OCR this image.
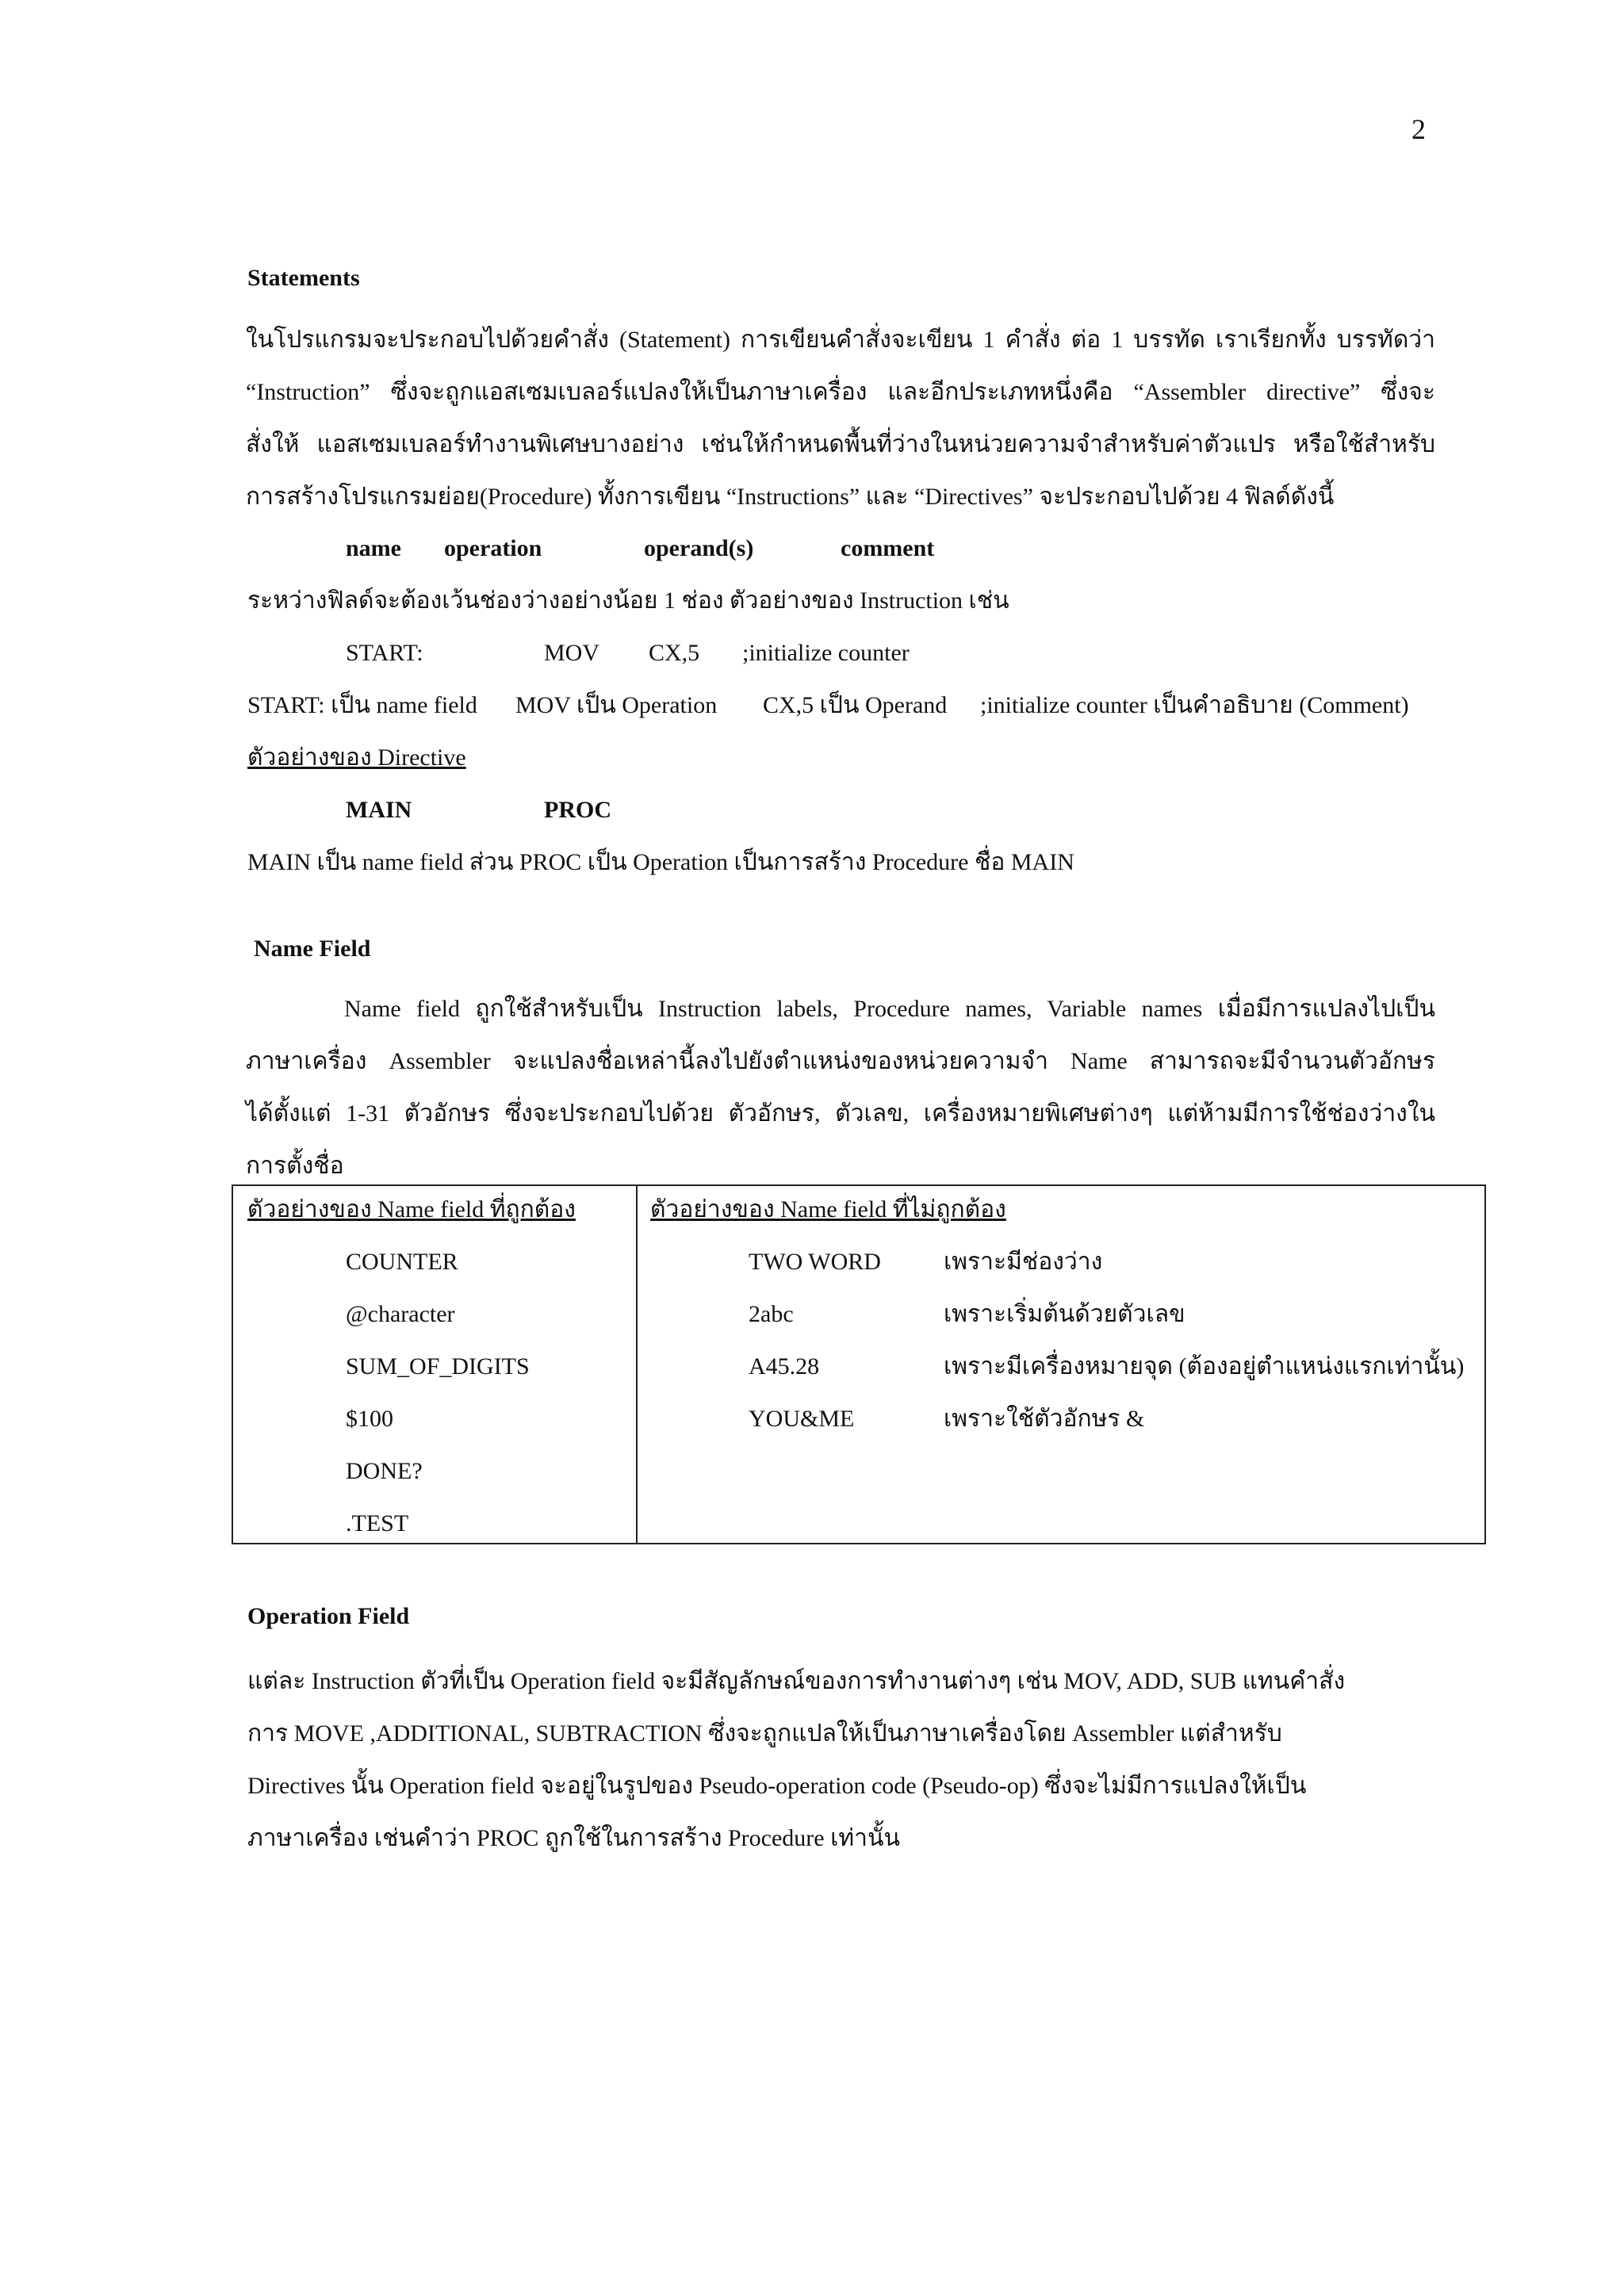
2
Statements
ในโปรแกรมจะประกอบไปด้วยคำสั่ง (Statement) การเขียนคำสั่งจะเขียน 1 คำสั่ง ต่อ 1 บรรทัด เราเรียกทั้ง บรรทัดว่า
“Instruction” ซึ่งจะถูกแอสเซมเบลอร์แปลงให้เป็นภาษาเครื่อง และอีกประเภทหนึ่งคือ “Assembler directive” ซึ่งจะ
สั่งให้ แอสเซมเบลอร์ทำงานพิเศษบางอย่าง เช่นให้กำหนดพื้นที่ว่างในหน่วยความจำสำหรับค่าตัวแปร หรือใช้สำหรับ
การสร้างโปรแกรมย่อย(Procedure) ทั้งการเขียน “Instructions” และ “Directives” จะประกอบไปด้วย 4 ฟิลด์ดังนี้
name operation	operand(s)	comment
ระหว่างฟิลด์จะต้องเว้นช่องว่างอย่างน้อย 1 ช่อง ตัวอย่างของ Instruction เช่น
START:	MOV CX,5 ;initialize counter
START: เป็น name field MOV เป็น Operation CX,5 เป็น Operand ;initialize counter เป็นคำอธิบาย (Comment)
ตัวอย่างของ Directive
MAIN	PROC
MAIN เป็น name field ส่วน PROC เป็น Operation เป็นการสร้าง Procedure ชื่อ MAIN
Name Field
Name field ถูกใช้สำหรับเป็น Instruction labels, Procedure names, Variable names เมื่อมีการแปลงไปเป็น
ภาษาเครื่อง Assembler จะแปลงชื่อเหล่านี้ลงไปยังตำแหน่งของหน่วยความจำ Name สามารถจะมีจำนวนตัวอักษร
ได้ตั้งแต่ 1-31 ตัวอักษร ซึ่งจะประกอบไปด้วย ตัวอักษร, ตัวเลข, เครื่องหมายพิเศษต่างๆ แต่ห้ามมีการใช้ช่องว่างใน
การตั้งชื่อ
ตัวอย่างของ Name field ที่ถูกต้อง	ตัวอย่างของ Name field ที่ไม่ถูกต้อง
COUNTER
@character
SUM_OF_DIGITS
$100
DONE?
.TEST
TWO WORD	เพราะมีช่องว่าง
2abc	เพราะเริ่มต้นด้วยตัวเลข
A45.28	เพราะมีเครื่องหมายจุด (ต้องอยู่ตำแหน่งแรกเท่านั้น)
YOU&ME	เพราะใช้ตัวอักษร &
Operation Field
แต่ละ Instruction ตัวที่เป็น Operation field จะมีสัญลักษณ์ของการทำงานต่างๆ เช่น MOV, ADD, SUB แทนคำสั่ง
การ MOVE ,ADDITIONAL, SUBTRACTION ซึ่งจะถูกแปลให้เป็นภาษาเครื่องโดย Assembler แต่สำหรับ
Directives นั้น Operation field จะอยู่ในรูปของ Pseudo-operation code (Pseudo-op) ซึ่งจะไม่มีการแปลงให้เป็น
ภาษาเครื่อง เช่นคำว่า PROC ถูกใช้ในการสร้าง Procedure เท่านั้น
